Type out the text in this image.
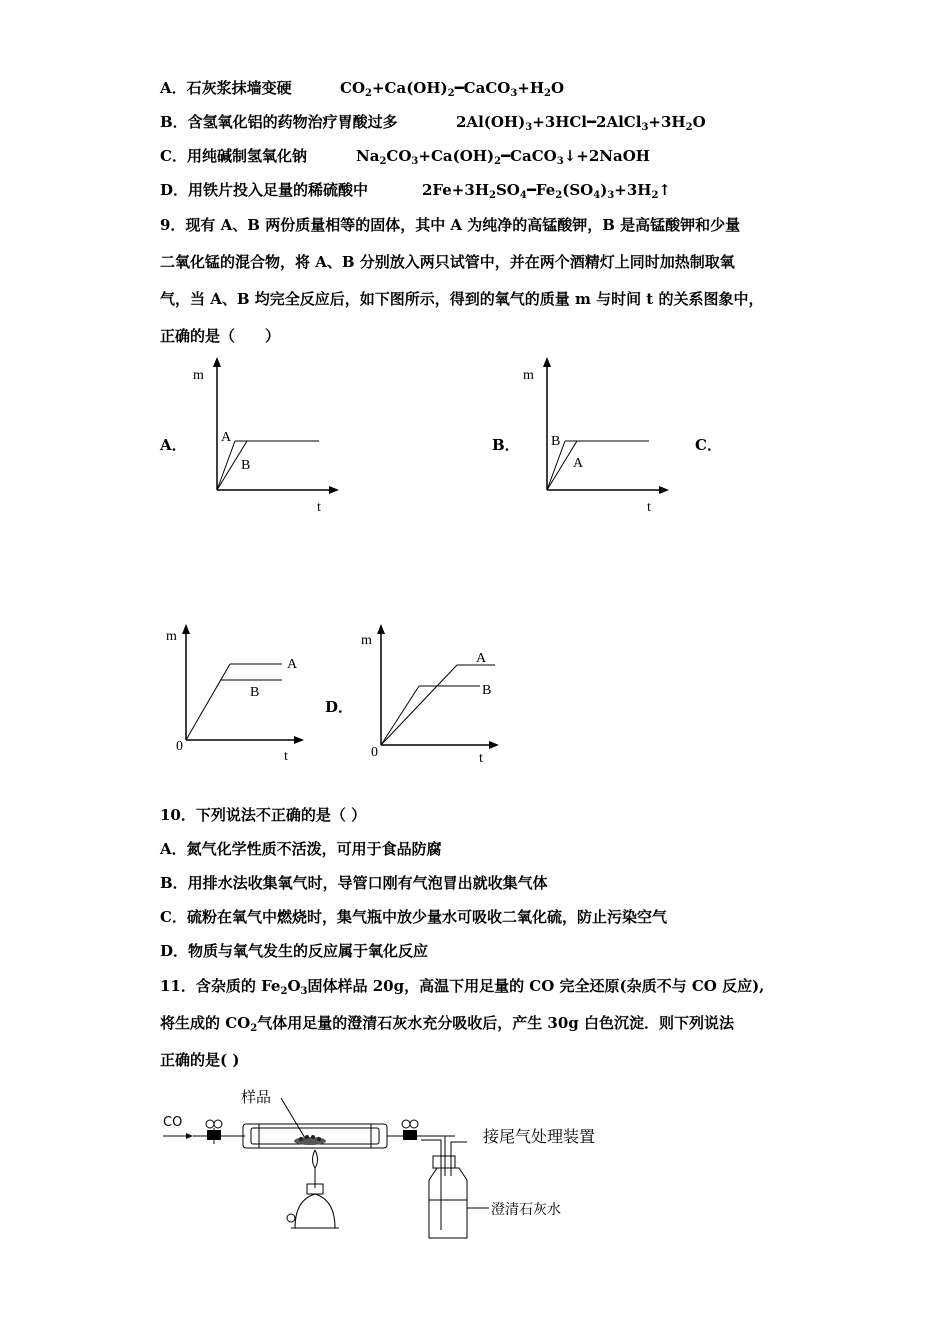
A．石灰浆抹墙变硬	$CO_2+Ca(OH)_2━CaCO_3+H_2O$
B．含氢氧化铝的药物治疗胃酸过多	$2Al(OH)_3+3HCl━2AlCl_3+3H_2O$
C．用纯碱制氢氧化钠	$Na_2CO_3+Ca(OH)_2━CaCO_3↓+2NaOH$
D．用铁片投入足量的稀硫酸中	$2Fe+3H_2SO_4━Fe_2(SO_4)_3+3H_2↑$
9．现有 A、B 两份质量相等的固体，其中 A 为纯净的高锰酸钾，B 是高锰酸钾和少量
二氧化锰的混合物，将 A、B 分别放入两只试管中，并在两个酒精灯上同时加热制取氧
气，当 A、B 均完全反应后，如下图所示，得到的氧气的质量 m 与时间 t 的关系图象中，
正确的是（　　）
A．	B．	C．
D．
m
t
A
B
m
t
B
A
m
t
0
A
B
m
t
0
A
B
10．下列说法不正确的是（ ）
A．氮气化学性质不活泼，可用于食品防腐
B．用排水法收集氧气时，导管口刚有气泡冒出就收集气体
C．硫粉在氧气中燃烧时，集气瓶中放少量水可吸收二氧化硫，防止污染空气
D．物质与氧气发生的反应属于氧化反应
11．含杂质的 $Fe_2O_3$固体样品 20g，高温下用足量的 CO 完全还原(杂质不与 CO 反应),
将生成的 $CO_2$气体用足量的澄清石灰水充分吸收后，产生 30g 白色沉淀．则下列说法
正确的是( )
样品
CO
接尾气处理装置
澄清石灰水
